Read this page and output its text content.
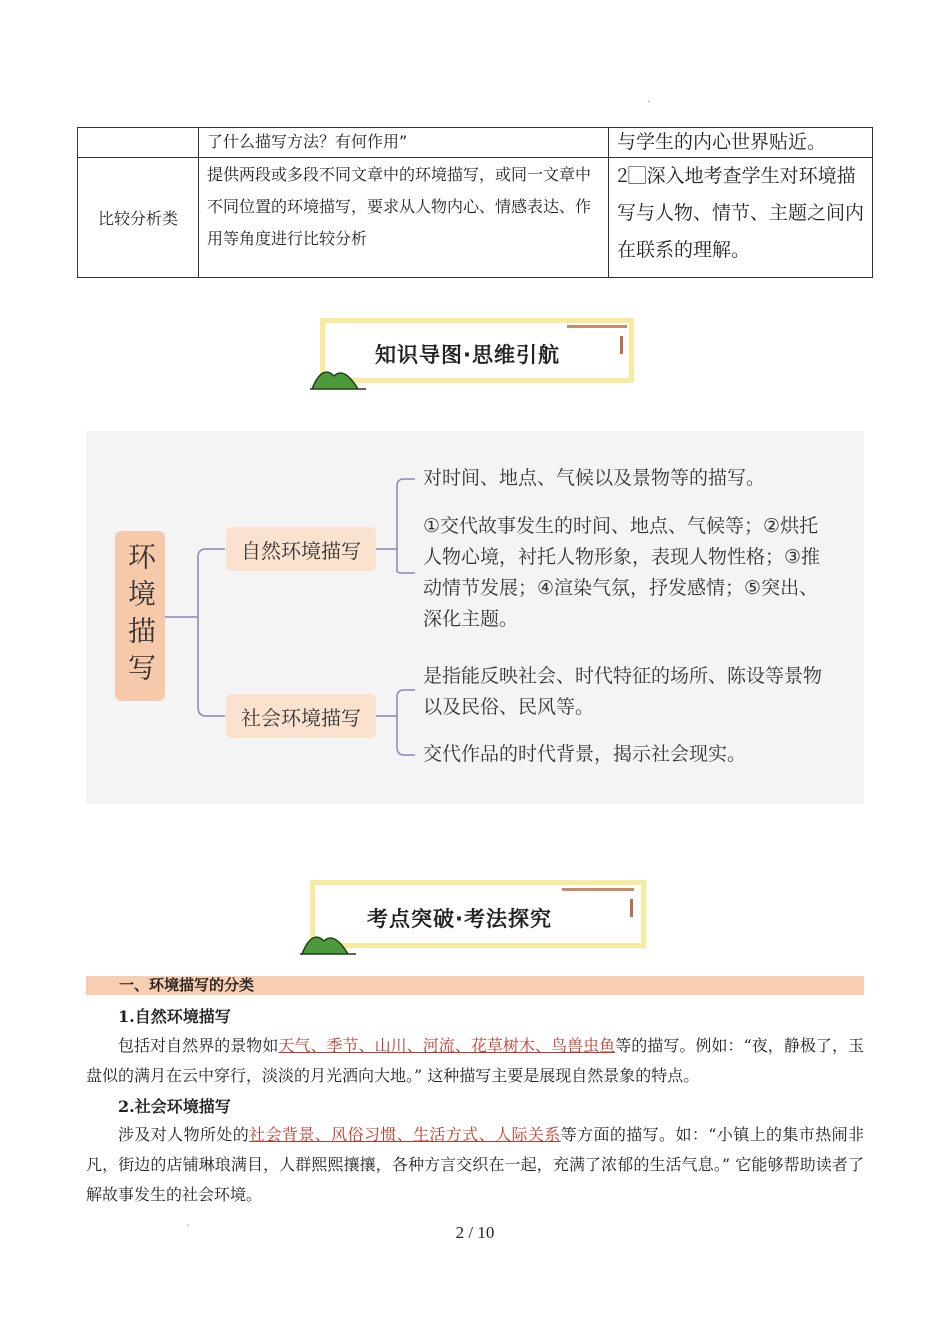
.
	了什么描写方法？有何作用”	与学生的内心世界贴近。
比较分析类	提供两段或多段不同文章中的环境描写，或同一文章中不同位置的环境描写，要求从人物内心、情感表达、作用等角度进行比较分析	2⃞深入地考查学生对环境描写与人物、情节、主题之间内在联系的理解。
知识导图·思维引航
环境描写	自然环境描写
社会环境描写
对时间、地点、气候以及景物等的描写。
①交代故事发生的时间、地点、气候等；②烘托人物心境，衬托人物形象，表现人物性格；③推动情节发展；④渲染气氛，抒发感情；⑤突出、深化主题。
是指能反映社会、时代特征的场所、陈设等景物以及民俗、民风等。
交代作品的时代背景，揭示社会现实。
考点突破·考法探究
一、环境描写的分类
1.自然环境描写
包括对自然界的景物如天气、季节、山川、河流、花草树木、鸟兽虫鱼等的描写。例如：“夜，静极了，玉盘似的满月在云中穿行，淡淡的月光洒向大地。” 这种描写主要是展现自然景象的特点。
2.社会环境描写
涉及对人物所处的社会背景、风俗习惯、生活方式、人际关系等方面的描写。如：“小镇上的集市热闹非凡，街边的店铺琳琅满目，人群熙熙攘攘，各种方言交织在一起，充满了浓郁的生活气息。” 它能够帮助读者了解故事发生的社会环境。
.	2 / 10
